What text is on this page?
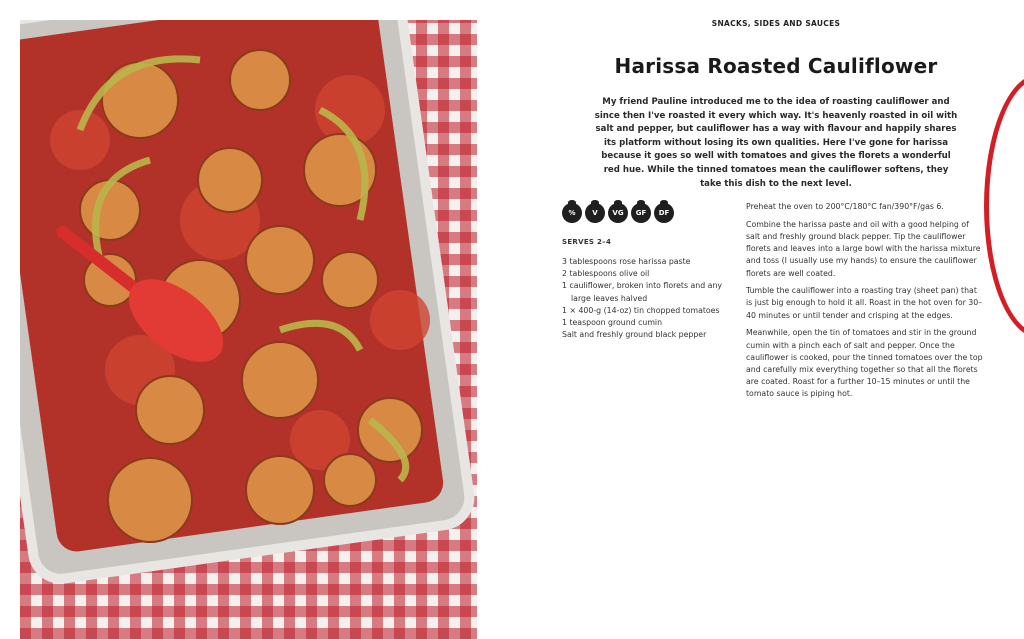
SNACKS, SIDES AND SAUCES
Harissa Roasted Cauliflower
My friend Pauline introduced me to the idea of roasting cauliflower and since then I've roasted it every which way. It's heavenly roasted in oil with salt and pepper, but cauliflower has a way with flavour and happily shares its platform without losing its own qualities. Here I've gone for harissa because it goes so well with tomatoes and gives the florets a wonderful red hue. While the tinned tomatoes mean the cauliflower softens, they take this dish to the next level.
%	V	VG	GF	DF
SERVES 2–4
3 tablespoons rose harissa paste
2 tablespoons olive oil
1 cauliflower, broken into florets and any large leaves halved
1 × 400-g (14-oz) tin chopped tomatoes
1 teaspoon ground cumin
Salt and freshly ground black pepper

Preheat the oven to 200°C/180°C fan/390°F/gas 6.

Combine the harissa paste and oil with a good helping of salt and freshly ground black pepper. Tip the cauliflower florets and leaves into a large bowl with the harissa mixture and toss (I usually use my hands) to ensure the cauliflower florets are well coated.

Tumble the cauliflower into a roasting tray (sheet pan) that is just big enough to hold it all. Roast in the hot oven for 30–40 minutes or until tender and crisping at the edges.

Meanwhile, open the tin of tomatoes and stir in the ground cumin with a pinch each of salt and pepper. Once the cauliflower is cooked, pour the tinned tomatoes over the top and carefully mix everything together so that all the florets are coated. Roast for a further 10–15 minutes or until the tomato sauce is piping hot.
